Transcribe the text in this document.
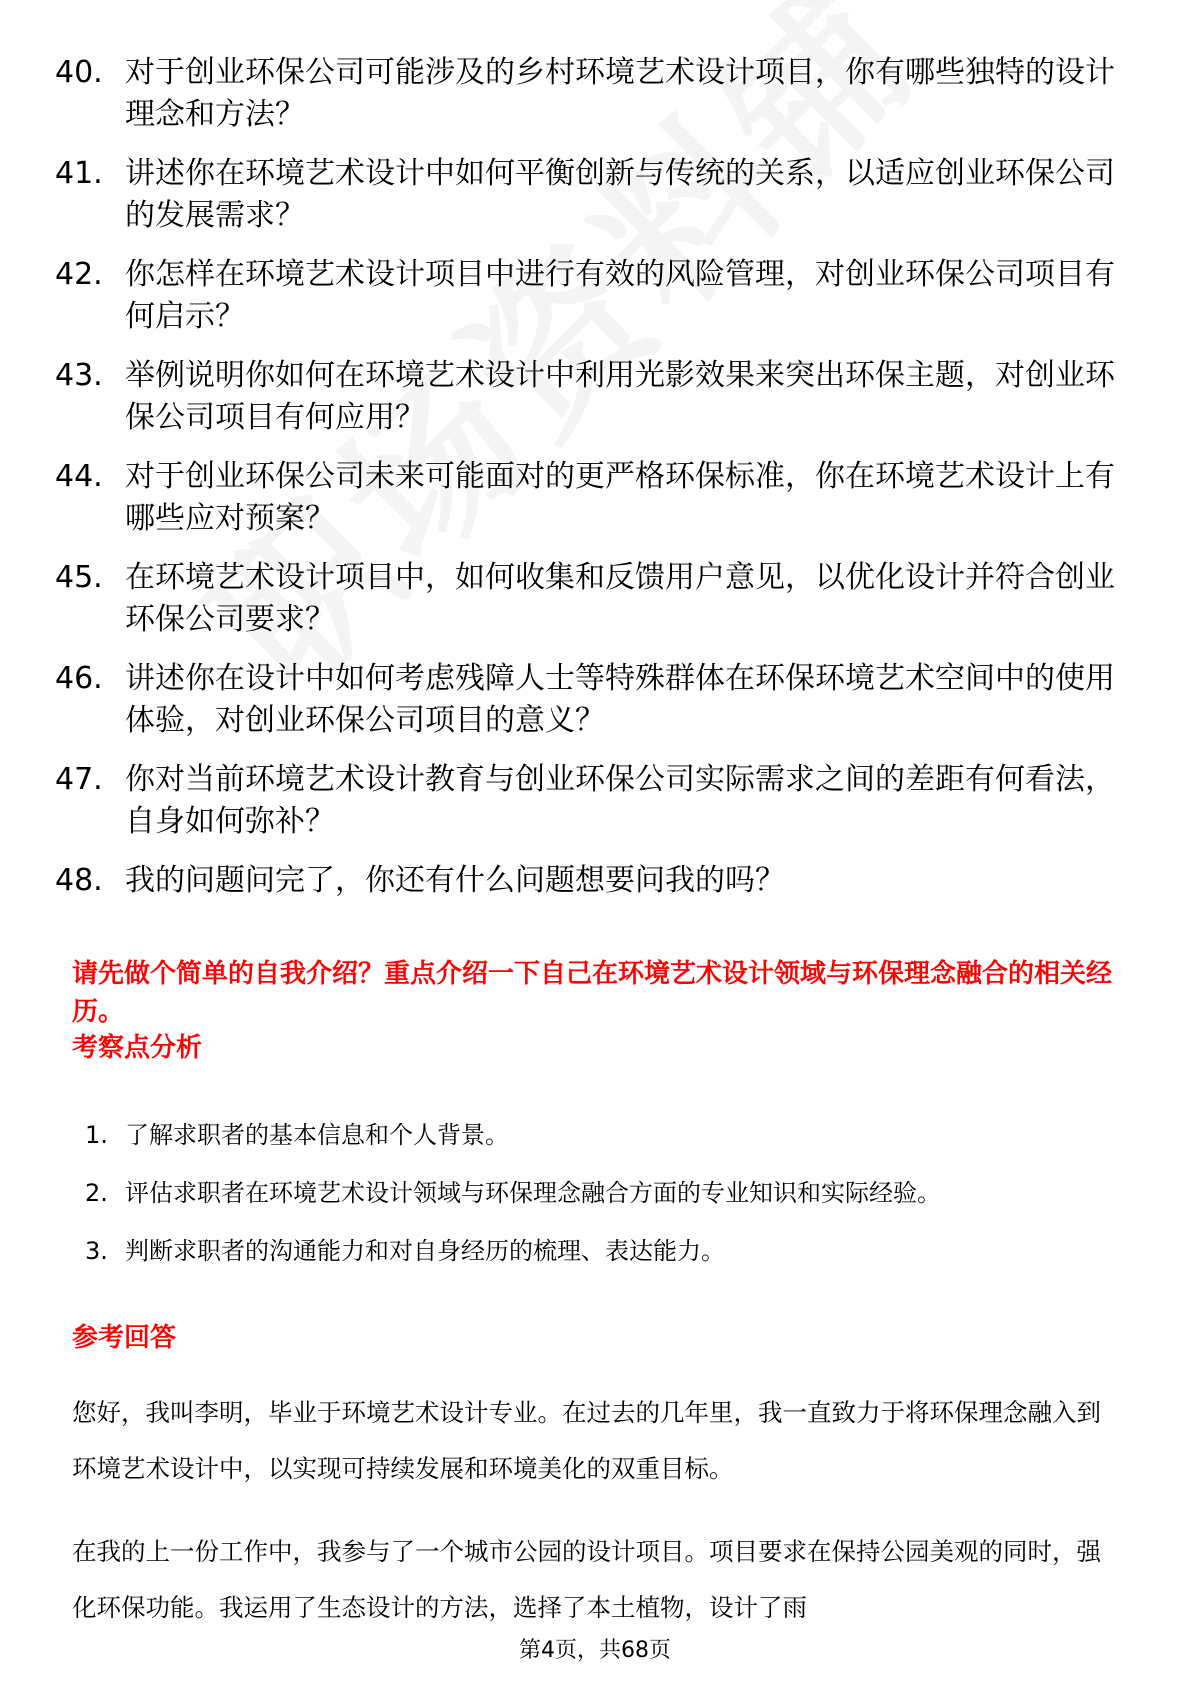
40. 对于创业环保公司可能涉及的乡村环境艺术设计项目，你有哪些独特的设计理念和方法？
41. 讲述你在环境艺术设计中如何平衡创新与传统的关系，以适应创业环保公司的发展需求？
42. 你怎样在环境艺术设计项目中进行有效的风险管理，对创业环保公司项目有何启示？
43. 举例说明你如何在环境艺术设计中利用光影效果来突出环保主题，对创业环保公司项目有何应用？
44. 对于创业环保公司未来可能面对的更严格环保标准，你在环境艺术设计上有哪些应对预案？
45. 在环境艺术设计项目中，如何收集和反馈用户意见，以优化设计并符合创业环保公司要求？
46. 讲述你在设计中如何考虑残障人士等特殊群体在环保环境艺术空间中的使用体验，对创业环保公司项目的意义？
47. 你对当前环境艺术设计教育与创业环保公司实际需求之间的差距有何看法，自身如何弥补？
48. 我的问题问完了，你还有什么问题想要问我的吗？
请先做个简单的自我介绍？重点介绍一下自己在环境艺术设计领域与环保理念融合的相关经历。
考察点分析
1. 了解求职者的基本信息和个人背景。
2. 评估求职者在环境艺术设计领域与环保理念融合方面的专业知识和实际经验。
3. 判断求职者的沟通能力和对自身经历的梳理、表达能力。
参考回答
您好，我叫李明，毕业于环境艺术设计专业。在过去的几年里，我一直致力于将环保理念融入到环境艺术设计中，以实现可持续发展和环境美化的双重目标。
在我的上一份工作中，我参与了一个城市公园的设计项目。项目要求在保持公园美观的同时，强化环保功能。我运用了生态设计的方法，选择了本土植物，设计了雨
第4页，共68页
